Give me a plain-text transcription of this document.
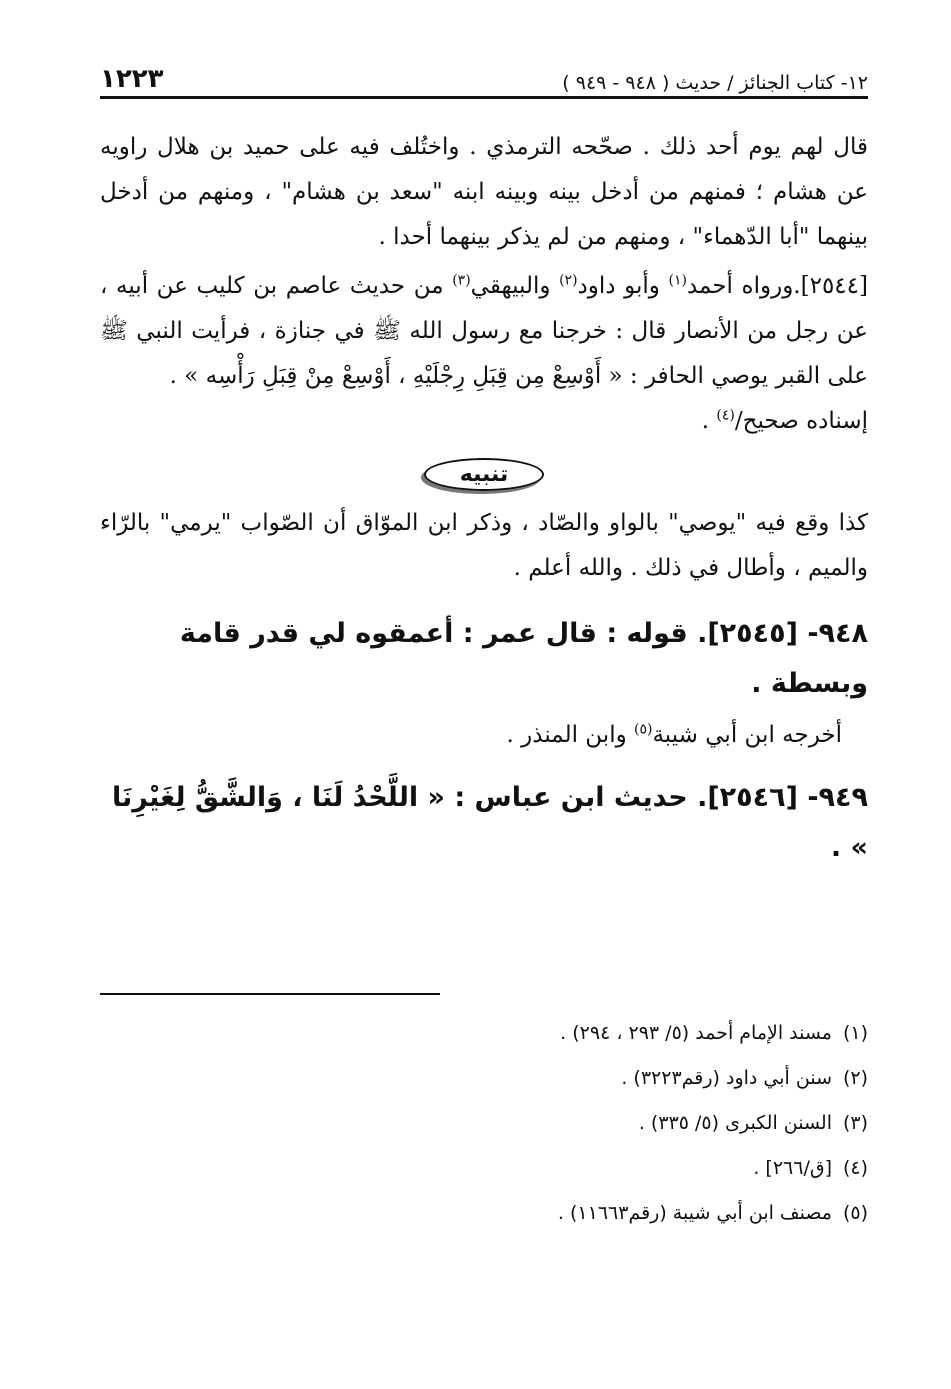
١٢- كتاب الجنائز / حديث ( ٩٤٨ - ٩٤٩ )
١٢٢٣

قال لهم يوم أحد ذلك . صحّحه الترمذي . واختُلف فيه على حميد بن هلال راويه عن هشام ؛ فمنهم من أدخل بينه وبينه ابنه "سعد بن هشام" ، ومنهم من أدخل بينهما "أبا الدّهماء" ، ومنهم من لم يذكر بينهما أحدا .

[٢٥٤٤].ورواه أحمد$^{(١)}$ وأبو داود$^{(٢)}$ والبيهقي$^{(٣)}$ من حديث عاصم بن كليب عن أبيه ، عن رجل من الأنصار قال : خرجنا مع رسول الله ﷺ في جنازة ، فرأيت النبي ﷺ على القبر يوصي الحافر : « أَوْسِعْ مِن قِبَلِ رِجْلَيْهِ ، أَوْسِعْ مِنْ قِبَلِ رَأْسِه » .

إسناده صحيح/$^{(٤)}$ .

تنبيه

كذا وقع فيه "يوصي" بالواو والصّاد ، وذكر ابن الموّاق أن الصّواب "يرمي" بالرّاء والميم ، وأطال في ذلك . والله أعلم .

٩٤٨- [٢٥٤٥]. قوله : قال عمر : أعمقوه لي قدر قامة وبسطة .

أخرجه ابن أبي شيبة$^{(٥)}$ وابن المنذر .

٩٤٩- [٢٥٤٦]. حديث ابن عباس : « اللَّحْدُ لَنَا ، وَالشَّقُّ لِغَيْرِنَا » .

(١)
مسند الإمام أحمد (٥/ ٢٩٣ ، ٢٩٤) .
(٢)
سنن أبي داود (رقم٣٢٢٣) .
(٣)
السنن الكبرى (٥/ ٣٣٥) .
(٤)
[ق/٢٦٦] .
(٥)
مصنف ابن أبي شيبة (رقم١١٦٦٣) .
